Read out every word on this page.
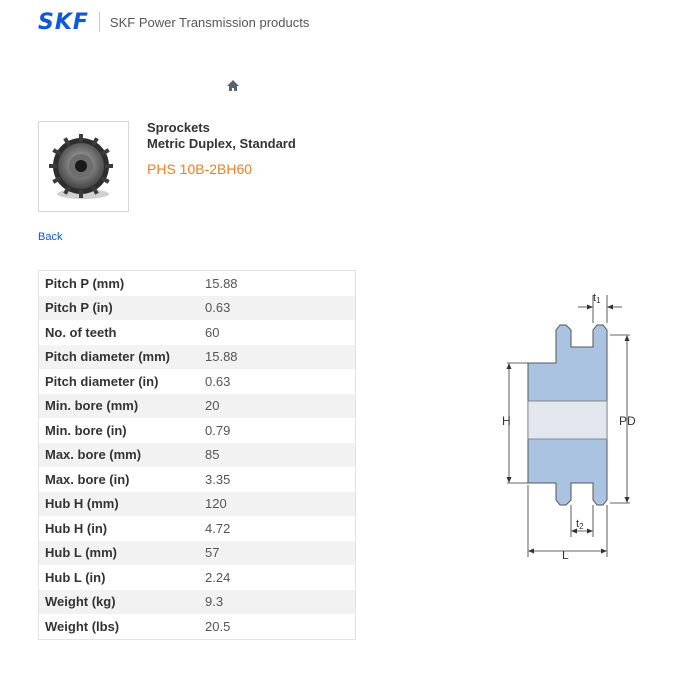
SKF SKF Power Transmission products
Sprockets
Metric Duplex, Standard
PHS 10B-2BH60
Back
Pitch P (mm)	15.88
Pitch P (in)	0.63
No. of teeth	60
Pitch diameter (mm)	15.88
Pitch diameter (in)	0.63
Min. bore (mm)	20
Min. bore (in)	0.79
Max. bore (mm)	85
Max. bore (in)	3.35
Hub H (mm)	120
Hub H (in)	4.72
Hub L (mm)	57
Hub L (in)	2.24
Weight (kg)	9.3
Weight (lbs)	20.5
t1
H	PD
t2
L
